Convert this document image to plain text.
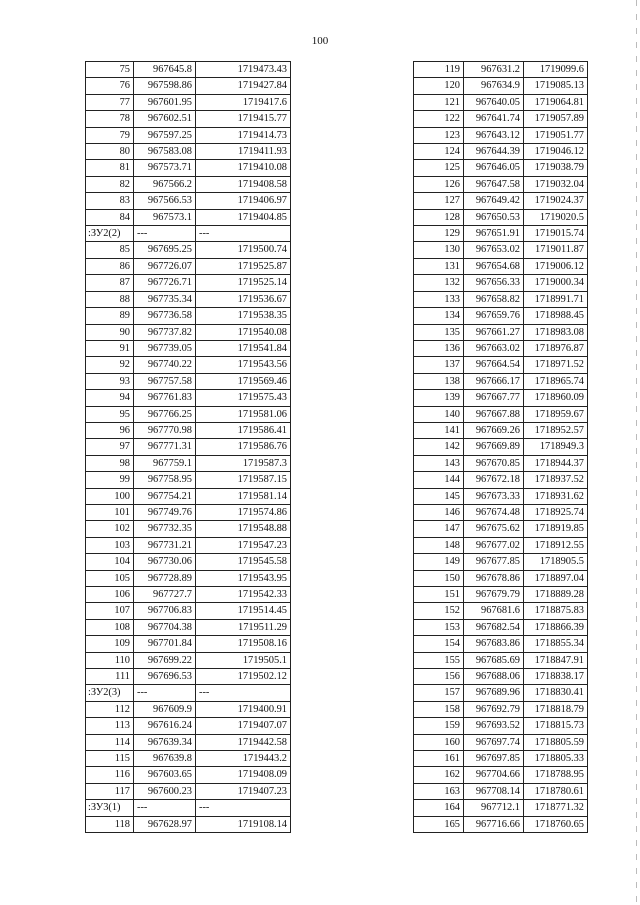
100
75	967645.8	1719473.43
76	967598.86	1719427.84
77	967601.95	1719417.6
78	967602.51	1719415.77
79	967597.25	1719414.73
80	967583.08	1719411.93
81	967573.71	1719410.08
82	967566.2	1719408.58
83	967566.53	1719406.97
84	967573.1	1719404.85
:ЗУ2(2)	---	---
85	967695.25	1719500.74
86	967726.07	1719525.87
87	967726.71	1719525.14
88	967735.34	1719536.67
89	967736.58	1719538.35
90	967737.82	1719540.08
91	967739.05	1719541.84
92	967740.22	1719543.56
93	967757.58	1719569.46
94	967761.83	1719575.43
95	967766.25	1719581.06
96	967770.98	1719586.41
97	967771.31	1719586.76
98	967759.1	1719587.3
99	967758.95	1719587.15
100	967754.21	1719581.14
101	967749.76	1719574.86
102	967732.35	1719548.88
103	967731.21	1719547.23
104	967730.06	1719545.58
105	967728.89	1719543.95
106	967727.7	1719542.33
107	967706.83	1719514.45
108	967704.38	1719511.29
109	967701.84	1719508.16
110	967699.22	1719505.1
111	967696.53	1719502.12
:ЗУ2(3)	---	---
112	967609.9	1719400.91
113	967616.24	1719407.07
114	967639.34	1719442.58
115	967639.8	1719443.2
116	967603.65	1719408.09
117	967600.23	1719407.23
:ЗУ3(1)	---	---
118	967628.97	1719108.14
119	967631.2	1719099.6
120	967634.9	1719085.13
121	967640.05	1719064.81
122	967641.74	1719057.89
123	967643.12	1719051.77
124	967644.39	1719046.12
125	967646.05	1719038.79
126	967647.58	1719032.04
127	967649.42	1719024.37
128	967650.53	1719020.5
129	967651.91	1719015.74
130	967653.02	1719011.87
131	967654.68	1719006.12
132	967656.33	1719000.34
133	967658.82	1718991.71
134	967659.76	1718988.45
135	967661.27	1718983.08
136	967663.02	1718976.87
137	967664.54	1718971.52
138	967666.17	1718965.74
139	967667.77	1718960.09
140	967667.88	1718959.67
141	967669.26	1718952.57
142	967669.89	1718949.3
143	967670.85	1718944.37
144	967672.18	1718937.52
145	967673.33	1718931.62
146	967674.48	1718925.74
147	967675.62	1718919.85
148	967677.02	1718912.55
149	967677.85	1718905.5
150	967678.86	1718897.04
151	967679.79	1718889.28
152	967681.6	1718875.83
153	967682.54	1718866.39
154	967683.86	1718855.34
155	967685.69	1718847.91
156	967688.06	1718838.17
157	967689.96	1718830.41
158	967692.79	1718818.79
159	967693.52	1718815.73
160	967697.74	1718805.59
161	967697.85	1718805.33
162	967704.66	1718788.95
163	967708.14	1718780.61
164	967712.1	1718771.32
165	967716.66	1718760.65
